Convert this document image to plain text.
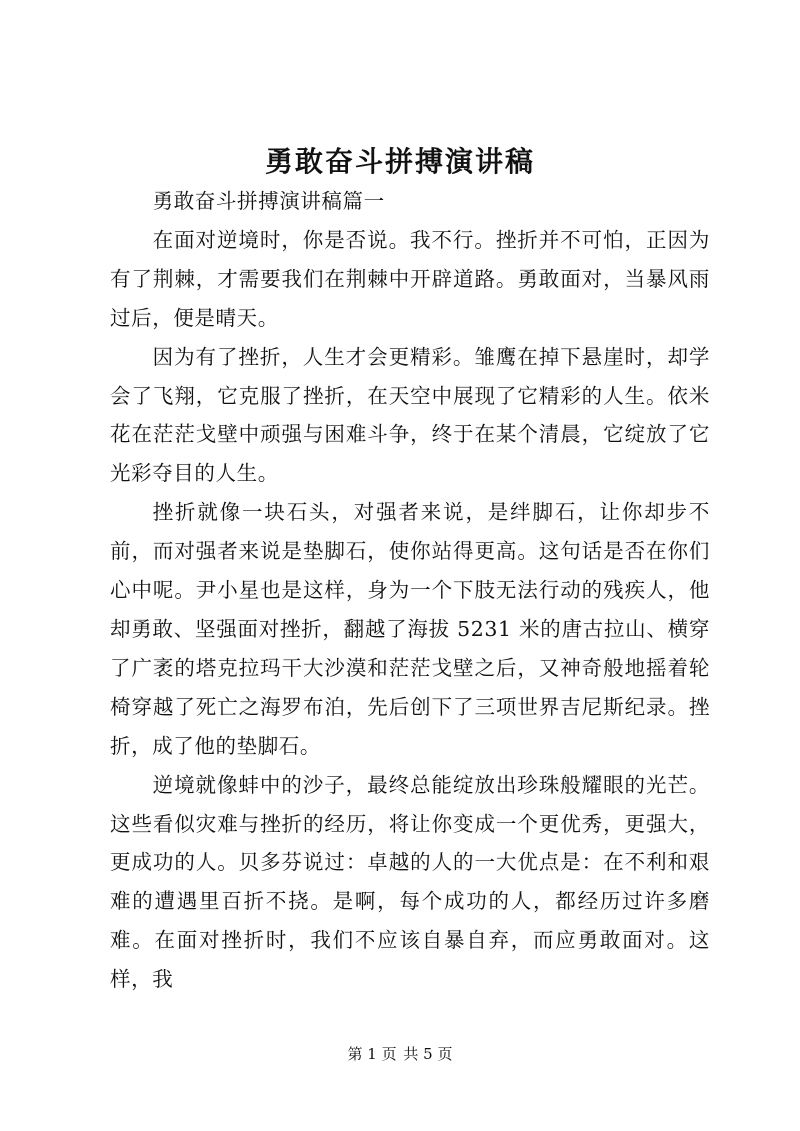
勇敢奋斗拼搏演讲稿

勇敢奋斗拼搏演讲稿篇一

在面对逆境时，你是否说。我不行。挫折并不可怕，正因为有了荆棘，才需要我们在荆棘中开辟道路。勇敢面对，当暴风雨过后，便是晴天。

因为有了挫折，人生才会更精彩。雏鹰在掉下悬崖时，却学会了飞翔，它克服了挫折，在天空中展现了它精彩的人生。依米花在茫茫戈壁中顽强与困难斗争，终于在某个清晨，它绽放了它光彩夺目的人生。

挫折就像一块石头，对强者来说，是绊脚石，让你却步不前，而对强者来说是垫脚石，使你站得更高。这句话是否在你们心中呢。尹小星也是这样，身为一个下肢无法行动的残疾人，他却勇敢、坚强面对挫折，翻越了海拔 5231 米的唐古拉山、横穿了广袤的塔克拉玛干大沙漠和茫茫戈壁之后，又神奇般地摇着轮椅穿越了死亡之海罗布泊，先后创下了三项世界吉尼斯纪录。挫折，成了他的垫脚石。

逆境就像蚌中的沙子，最终总能绽放出珍珠般耀眼的光芒。这些看似灾难与挫折的经历，将让你变成一个更优秀，更强大，更成功的人。贝多芬说过：卓越的人的一大优点是：在不利和艰难的遭遇里百折不挠。是啊，每个成功的人，都经历过许多磨难。在面对挫折时，我们不应该自暴自弃，而应勇敢面对。这样，我

第 1 页 共 5 页
